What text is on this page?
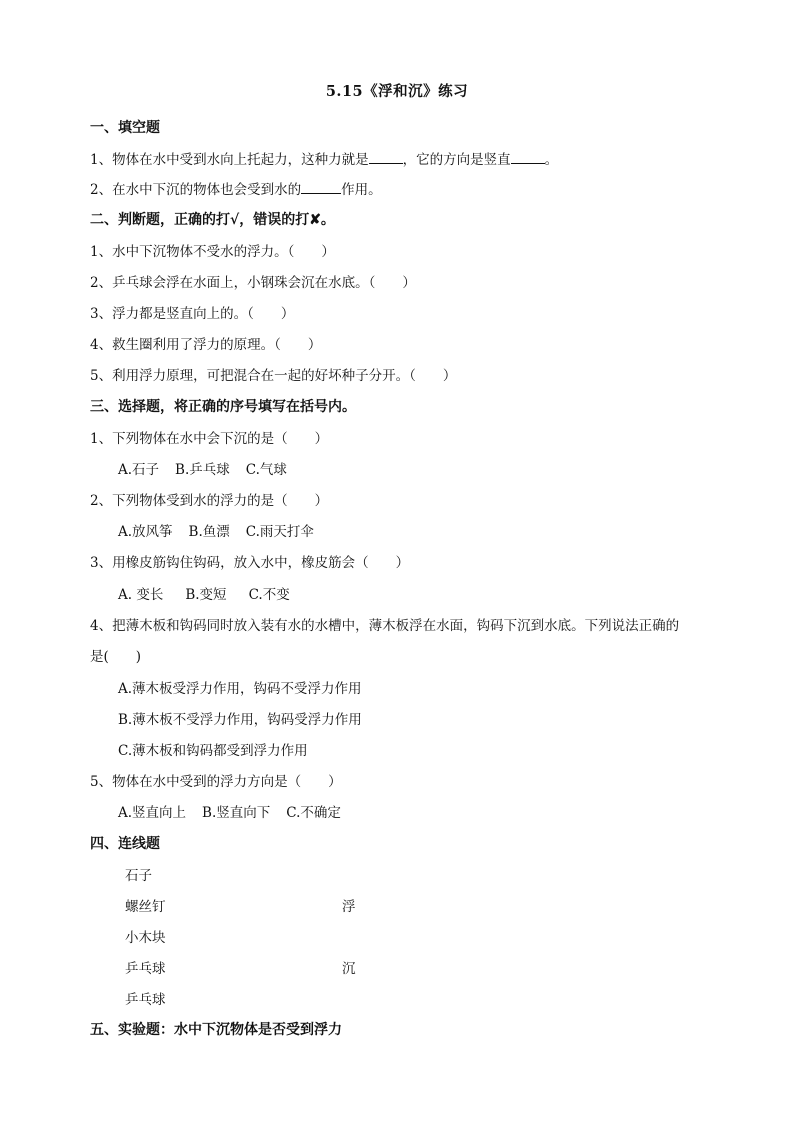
5.15《浮和沉》练习
一、填空题
1、物体在水中受到水向上托起力，这种力就是	，它的方向是竖直	。
2、在水中下沉的物体也会受到水的	作用。
二、判断题，正确的打√，错误的打✘。
1、水中下沉物体不受水的浮力。（　　）
2、乒乓球会浮在水面上，小钢珠会沉在水底。（　　）
3、浮力都是竖直向上的。（　　）
4、救生圈利用了浮力的原理。（　　）
5、利用浮力原理，可把混合在一起的好坏种子分开。（　　）
三、选择题，将正确的序号填写在括号内。
1、下列物体在水中会下沉的是（　　）
A.石子 B.乒乓球 C.气球
2、下列物体受到水的浮力的是（　　）
A.放风筝 B.鱼漂 C.雨天打伞
3、用橡皮筋钩住钩码，放入水中，橡皮筋会（　　）
A. 变长 B.变短 C.不变
4、把薄木板和钩码同时放入装有水的水槽中，薄木板浮在水面，钩码下沉到水底。下列说法正确的
是(　　)
A.薄木板受浮力作用，钩码不受浮力作用
B.薄木板不受浮力作用，钩码受浮力作用
C.薄木板和钩码都受到浮力作用
5、物体在水中受到的浮力方向是（　　）
A.竖直向上 B.竖直向下 C.不确定
四、连线题
石子
螺丝钉	浮
小木块
乒乓球	沉
乒乓球
五、实验题：水中下沉物体是否受到浮力
